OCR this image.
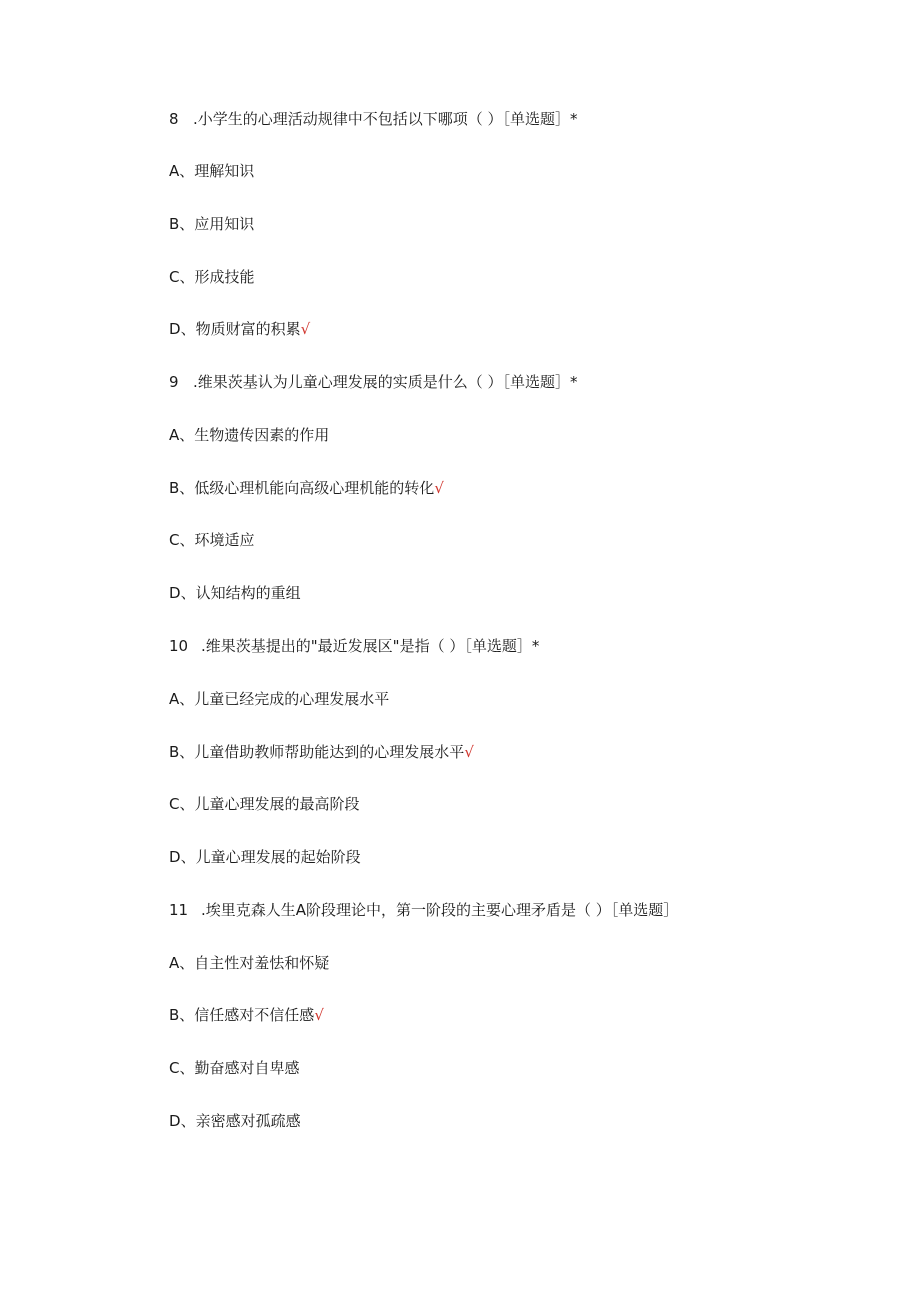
8 .小学生的心理活动规律中不包括以下哪项（ ）［单选题］*
A、理解知识
B、应用知识
C、形成技能
D、物质财富的积累√
9 .维果茨基认为儿童心理发展的实质是什么（ ）［单选题］*
A、生物遗传因素的作用
B、低级心理机能向高级心理机能的转化√
C、环境适应
D、认知结构的重组
10 .维果茨基提出的"最近发展区"是指（ ）［单选题］*
A、儿童已经完成的心理发展水平
B、儿童借助教师帮助能达到的心理发展水平√
C、儿童心理发展的最高阶段
D、儿童心理发展的起始阶段
11 .埃里克森人生A阶段理论中，第一阶段的主要心理矛盾是（ ）［单选题］
A、自主性对羞怯和怀疑
B、信任感对不信任感√
C、勤奋感对自卑感
D、亲密感对孤疏感
